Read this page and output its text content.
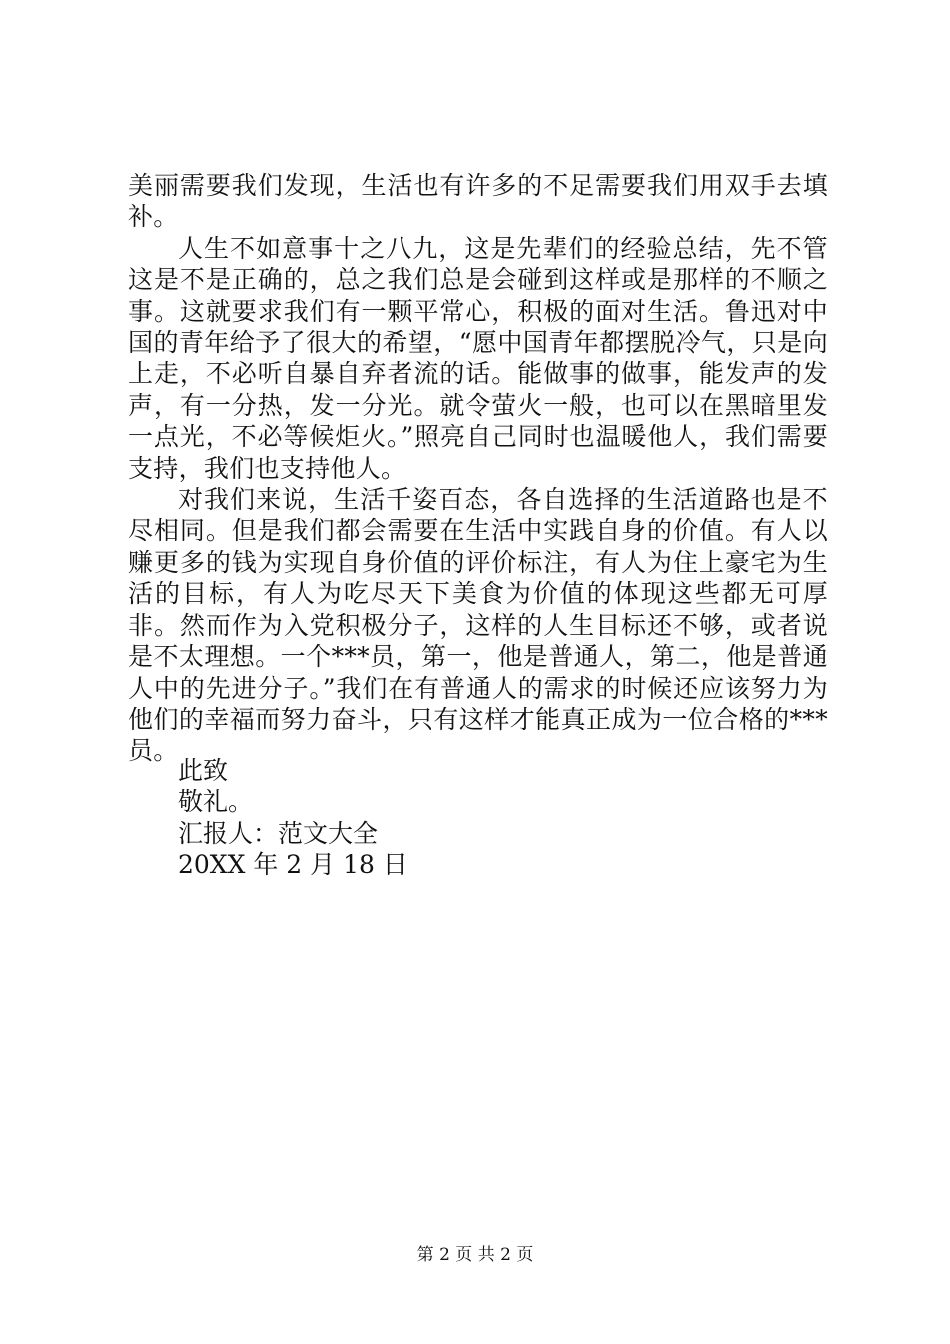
美丽需要我们发现，生活也有许多的不足需要我们用双手去填补。

人生不如意事十之八九，这是先辈们的经验总结，先不管这是不是正确的，总之我们总是会碰到这样或是那样的不顺之事。这就要求我们有一颗平常心，积极的面对生活。鲁迅对中国的青年给予了很大的希望，“愿中国青年都摆脱冷气，只是向上走，不必听自暴自弃者流的话。能做事的做事，能发声的发声，有一分热，发一分光。就令萤火一般，也可以在黑暗里发一点光，不必等候炬火。”照亮自己同时也温暖他人，我们需要支持，我们也支持他人。

对我们来说，生活千姿百态，各自选择的生活道路也是不尽相同。但是我们都会需要在生活中实践自身的价值。有人以赚更多的钱为实现自身价值的评价标注，有人为住上豪宅为生活的目标，有人为吃尽天下美食为价值的体现这些都无可厚非。然而作为入党积极分子，这样的人生目标还不够，或者说是不太理想。一个***员，第一，他是普通人，第二，他是普通人中的先进分子。”我们在有普通人的需求的时候还应该努力为他们的幸福而努力奋斗，只有这样才能真正成为一位合格的***员。

此致
敬礼。
汇报人：范文大全
20XX 年 2 月 18 日
第 2 页 共 2 页
